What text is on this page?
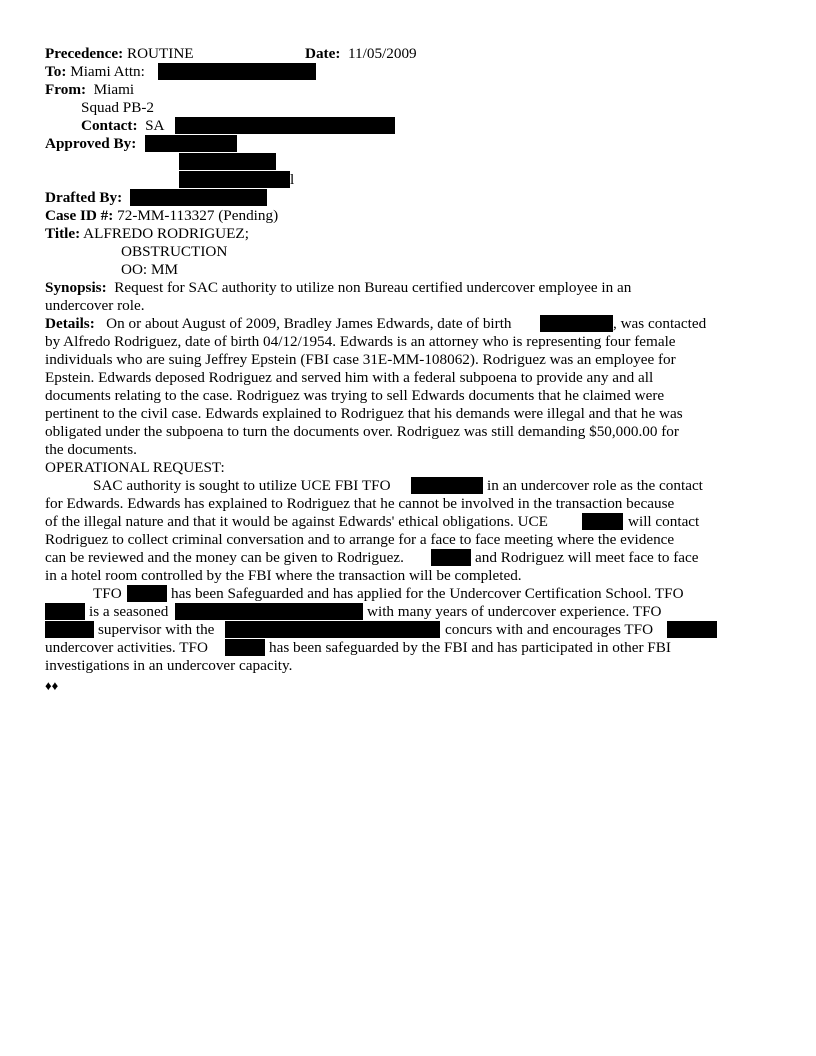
Precedence: ROUTINE	Date: 11/05/2009
To: Miami Attn:
From: Miami
Squad PB-2
Contact: SA
Approved By:
l
Drafted By:
Case ID #: 72-MM-113327 (Pending)
Title: ALFREDO RODRIGUEZ;
OBSTRUCTION
OO: MM
Synopsis: Request for SAC authority to utilize non Bureau certified undercover employee in an
undercover role.
Details: On or about August of 2009, Bradley James Edwards, date of birth	, was contacted
by Alfredo Rodriguez, date of birth 04/12/1954. Edwards is an attorney who is representing four female
individuals who are suing Jeffrey Epstein (FBI case 31E-MM-108062). Rodriguez was an employee for
Epstein. Edwards deposed Rodriguez and served him with a federal subpoena to provide any and all
documents relating to the case. Rodriguez was trying to sell Edwards documents that he claimed were
pertinent to the civil case. Edwards explained to Rodriguez that his demands were illegal and that he was
obligated under the subpoena to turn the documents over. Rodriguez was still demanding $50,000.00 for
the documents.
OPERATIONAL REQUEST:
SAC authority is sought to utilize UCE FBI TFO	in an undercover role as the contact
for Edwards. Edwards has explained to Rodriguez that he cannot be involved in the transaction because
of the illegal nature and that it would be against Edwards' ethical obligations. UCE	will contact
Rodriguez to collect criminal conversation and to arrange for a face to face meeting where the evidence
can be reviewed and the money can be given to Rodriguez.	and Rodriguez will meet face to face
in a hotel room controlled by the FBI where the transaction will be completed.
TFO	has been Safeguarded and has applied for the Undercover Certification School. TFO
is a seasoned	with many years of undercover experience. TFO
supervisor with the	concurs with and encourages TFO
undercover activities. TFO	has been safeguarded by the FBI and has participated in other FBI
investigations in an undercover capacity.
♦♦
